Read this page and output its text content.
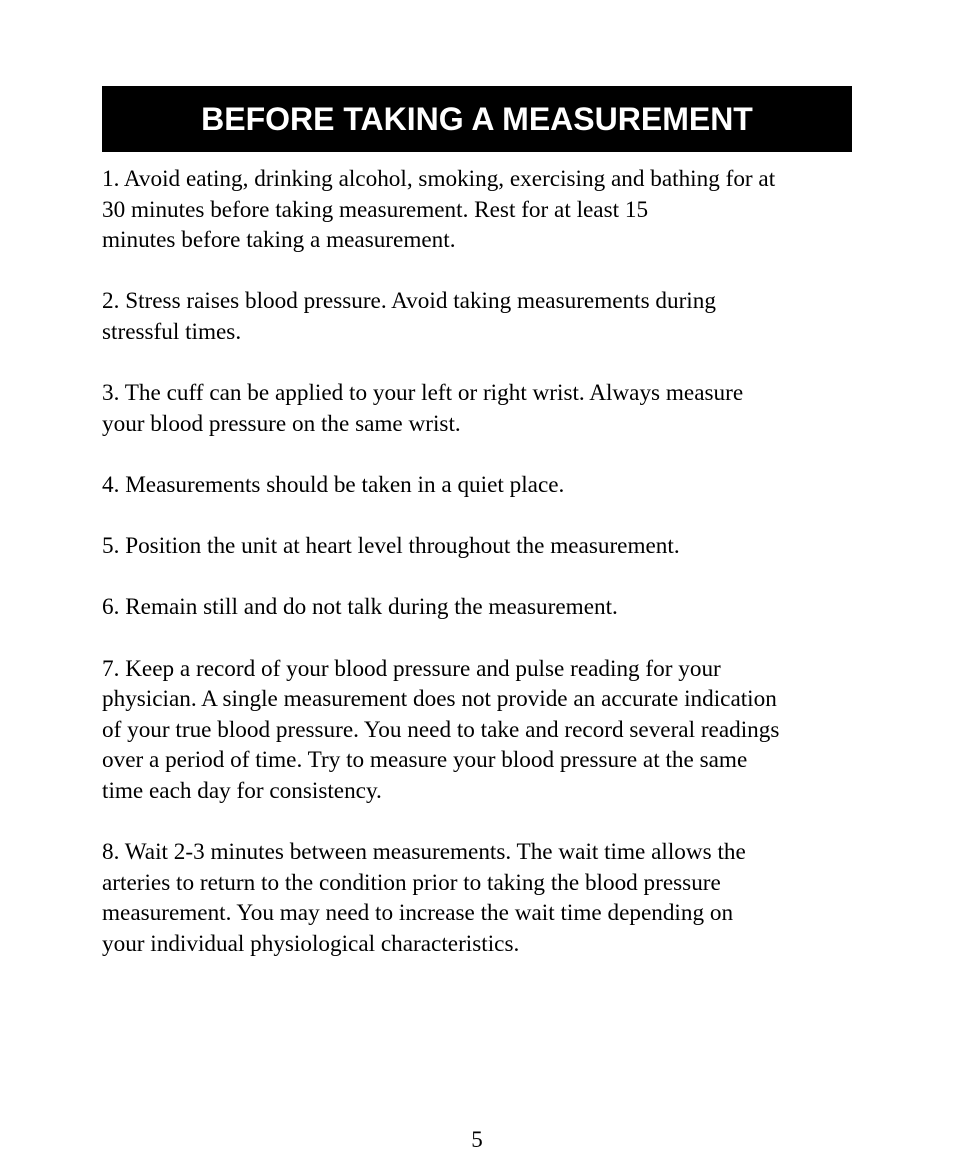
BEFORE TAKING A MEASUREMENT
1. Avoid eating, drinking alcohol, smoking, exercising and bathing for at
30 minutes before taking measurement. Rest for at least 15
minutes before taking a measurement.
2. Stress raises blood pressure. Avoid taking measurements during
stressful times.
3. The cuff can be applied to your left or right wrist. Always measure
your blood pressure on the same wrist.
4. Measurements should be taken in a quiet place.
5. Position the unit at heart level throughout the measurement.
6. Remain still and do not talk during the measurement.
7. Keep a record of your blood pressure and pulse reading for your
physician. A single measurement does not provide an accurate indication
of your true blood pressure. You need to take and record several readings
over a period of time. Try to measure your blood pressure at the same
time each day for consistency.
8. Wait 2-3 minutes between measurements. The wait time allows the
arteries to return to the condition prior to taking the blood pressure
measurement. You may need to increase the wait time depending on
your individual physiological characteristics.
5
